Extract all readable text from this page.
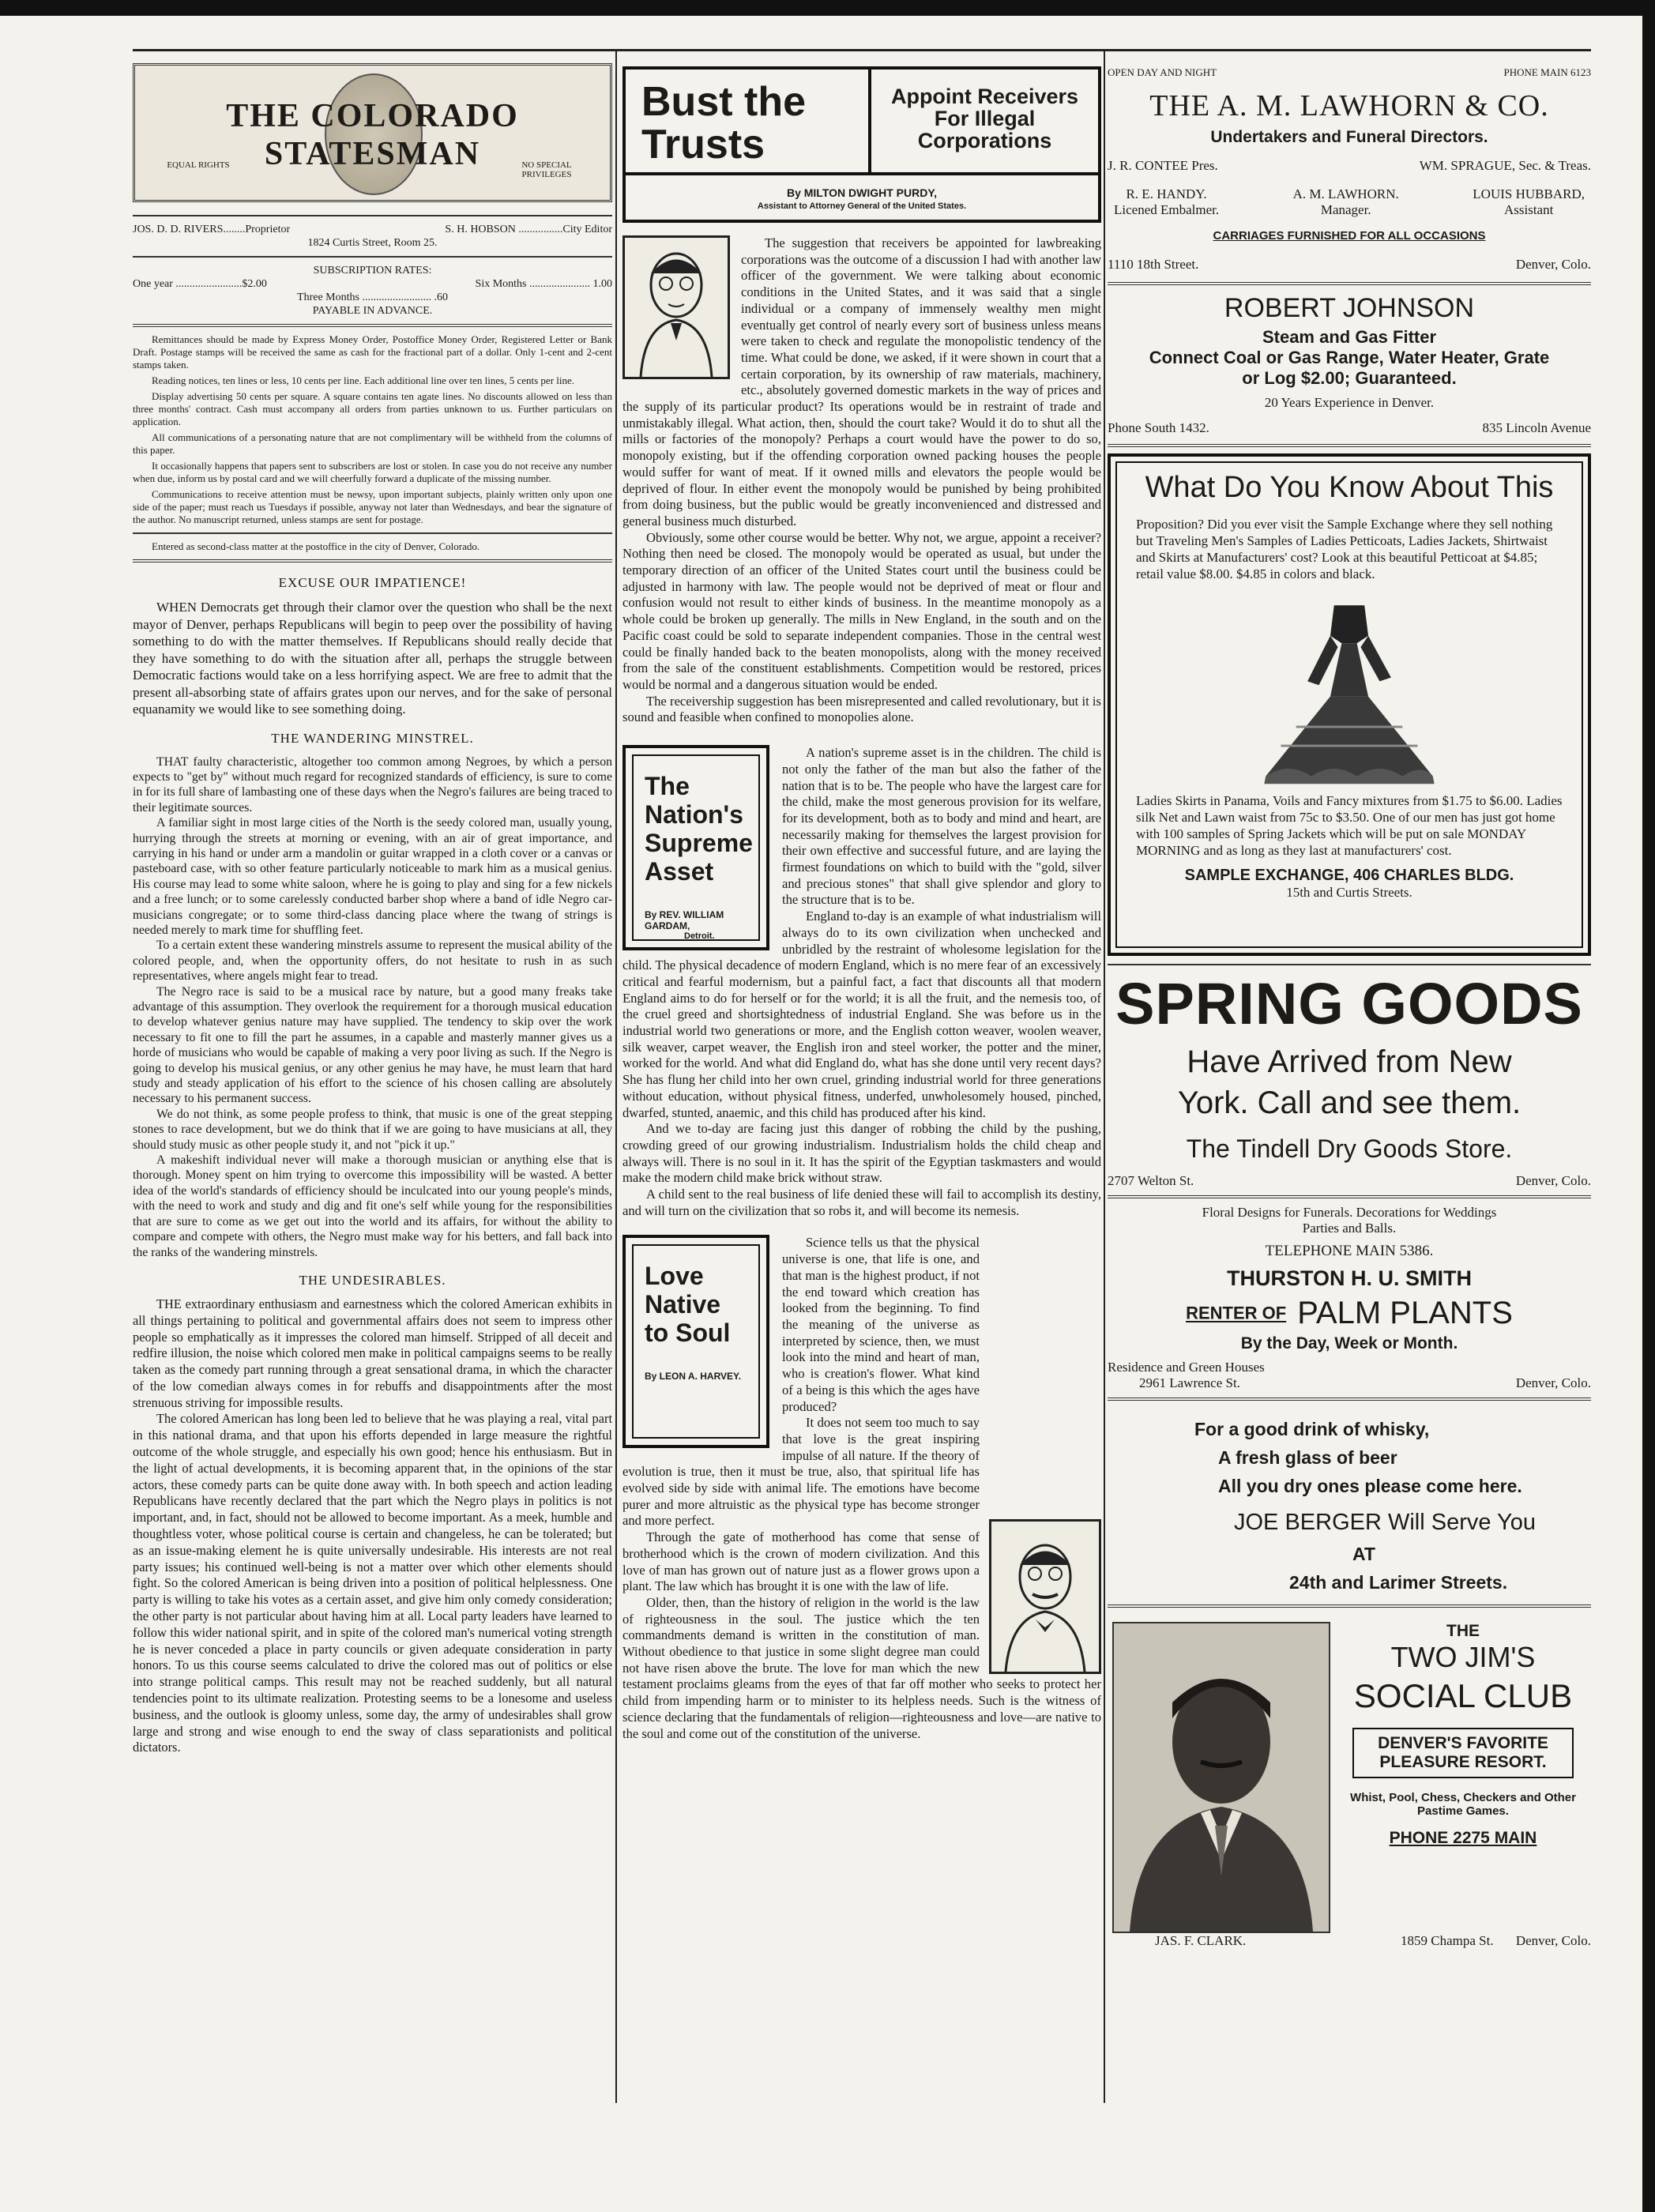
THE COLORADO STATESMAN
EQUAL RIGHTS	NO SPECIAL PRIVILEGES
JOS. D. D. RIVERS........Proprietor	S. H. HOBSON ................City Editor
1824 Curtis Street, Room 25.
SUBSCRIPTION RATES:
One year ........................$2.00	Six Months ...................... 1.00
Three Months ......................... .60
PAYABLE IN ADVANCE.

Remittances should be made by Express Money Order, Postoffice Money Order, Registered Letter or Bank Draft. Postage stamps will be received the same as cash for the fractional part of a dollar. Only 1-cent and 2-cent stamps taken.

Reading notices, ten lines or less, 10 cents per line. Each additional line over ten lines, 5 cents per line.

Display advertising 50 cents per square. A square contains ten agate lines. No discounts allowed on less than three months' contract. Cash must accompany all orders from parties unknown to us. Further particulars on application.

All communications of a personating nature that are not complimentary will be withheld from the columns of this paper.

It occasionally happens that papers sent to subscribers are lost or stolen. In case you do not receive any number when due, inform us by postal card and we will cheerfully forward a duplicate of the missing number.

Communications to receive attention must be newsy, upon important subjects, plainly written only upon one side of the paper; must reach us Tuesdays if possible, anyway not later than Wednesdays, and bear the signature of the author. No manuscript returned, unless stamps are sent for postage.

Entered as second-class matter at the postoffice in the city of Denver, Colorado.
EXCUSE OUR IMPATIENCE!

WHEN Democrats get through their clamor over the question who shall be the next mayor of Denver, perhaps Republicans will begin to peep over the possibility of having something to do with the matter themselves. If Republicans should really decide that they have something to do with the situation after all, perhaps the struggle between Democratic factions would take on a less horrifying aspect. We are free to admit that the present all-absorbing state of affairs grates upon our nerves, and for the sake of personal equanamity we would like to see something doing.

THE WANDERING MINSTREL.

THAT faulty characteristic, altogether too common among Negroes, by which a person expects to "get by" without much regard for recognized standards of efficiency, is sure to come in for its full share of lambasting one of these days when the Negro's failures are being traced to their legitimate sources.

A familiar sight in most large cities of the North is the seedy colored man, usually young, hurrying through the streets at morning or evening, with an air of great importance, and carrying in his hand or under arm a mandolin or guitar wrapped in a cloth cover or a canvas or pasteboard case, with so other feature particularly noticeable to mark him as a musical genius. His course may lead to some white saloon, where he is going to play and sing for a few nickels and a free lunch; or to some carelessly conducted barber shop where a band of idle Negro car-musicians congregate; or to some third-class dancing place where the twang of strings is needed merely to mark time for shuffling feet.

To a certain extent these wandering minstrels assume to represent the musical ability of the colored people, and, when the opportunity offers, do not hesitate to rush in as such representatives, where angels might fear to tread.

The Negro race is said to be a musical race by nature, but a good many freaks take advantage of this assumption. They overlook the requirement for a thorough musical education to develop whatever genius nature may have supplied. The tendency to skip over the work necessary to fit one to fill the part he assumes, in a capable and masterly manner gives us a horde of musicians who would be capable of making a very poor living as such. If the Negro is going to develop his musical genius, or any other genius he may have, he must learn that hard study and steady application of his effort to the science of his chosen calling are absolutely necessary to his permanent success.

We do not think, as some people profess to think, that music is one of the great stepping stones to race development, but we do think that if we are going to have musicians at all, they should study music as other people study it, and not "pick it up."

A makeshift individual never will make a thorough musician or anything else that is thorough. Money spent on him trying to overcome this impossibility will be wasted. A better idea of the world's standards of efficiency should be inculcated into our young people's minds, with the need to work and study and dig and fit one's self while young for the responsibilities that are sure to come as we get out into the world and its affairs, for without the ability to compare and compete with others, the Negro must make way for his betters, and fall back into the ranks of the wandering minstrels.

THE UNDESIRABLES.

THE extraordinary enthusiasm and earnestness which the colored American exhibits in all things pertaining to political and governmental affairs does not seem to impress other people so emphatically as it impresses the colored man himself. Stripped of all deceit and redfire illusion, the noise which colored men make in political campaigns seems to be really taken as the comedy part running through a great sensational drama, in which the character of the low comedian always comes in for rebuffs and disappointments after the most strenuous striving for impossible results.

The colored American has long been led to believe that he was playing a real, vital part in this national drama, and that upon his efforts depended in large measure the rightful outcome of the whole struggle, and especially his own good; hence his enthusiasm. But in the light of actual developments, it is becoming apparent that, in the opinions of the star actors, these comedy parts can be quite done away with. In both speech and action leading Republicans have recently declared that the part which the Negro plays in politics is not important, and, in fact, should not be allowed to become important. As a meek, humble and thoughtless voter, whose political course is certain and changeless, he can be tolerated; but as an issue-making element he is quite universally undesirable. His interests are not real party issues; his continued well-being is not a matter over which other elements should fight. So the colored American is being driven into a position of political helplessness. One party is willing to take his votes as a certain asset, and give him only comedy consideration; the other party is not particular about having him at all. Local party leaders have learned to follow this wider national spirit, and in spite of the colored man's numerical voting strength he is never conceded a place in party councils or given adequate consideration in party honors. To us this course seems calculated to drive the colored mas out of politics or else into strange political camps. This result may not be reached suddenly, but all natural tendencies point to its ultimate realization. Protesting seems to be a lonesome and useless business, and the outlook is gloomy unless, some day, the army of undesirables shall grow large and strong and wise enough to end the sway of class separationists and political dictators.

Bust the Trusts
Appoint Receivers For Illegal Corporations
By MILTON DWIGHT PURDY,
Assistant to Attorney General of the United States.

The suggestion that receivers be appointed for lawbreaking corporations was the outcome of a discussion I had with another law officer of the government. We were talking about economic conditions in the United States, and it was said that a single individual or a company of immensely wealthy men might eventually get control of nearly every sort of business unless means were taken to check and regulate the monopolistic tendency of the time. What could be done, we asked, if it were shown in court that a certain corporation, by its ownership of raw materials, machinery, etc., absolutely governed domestic markets in the way of prices and the supply of its particular product? Its operations would be in restraint of trade and unmistakably illegal. What action, then, should the court take? Would it do to shut all the mills or factories of the monopoly? Perhaps a court would have the power to do so, monopoly existing, but if the offending corporation owned packing houses the people would suffer for want of meat. If it owned mills and elevators the people would be deprived of flour. In either event the monopoly would be punished by being prohibited from doing business, but the public would be greatly inconvenienced and distressed and general business much disturbed.

Obviously, some other course would be better. Why not, we argue, appoint a receiver? Nothing then need be closed. The monopoly would be operated as usual, but under the temporary direction of an officer of the United States court until the business could be adjusted in harmony with law. The people would not be deprived of meat or flour and confusion would not result to either kinds of business. In the meantime monopoly as a whole could be broken up generally. The mills in New England, in the south and on the Pacific coast could be sold to separate independent companies. Those in the central west could be finally handed back to the beaten monopolists, along with the money received from the sale of the constituent establishments. Competition would be restored, prices would be normal and a dangerous situation would be ended.

The receivership suggestion has been misrepresented and called revolutionary, but it is sound and feasible when confined to monopolies alone.

The Nation's Supreme Asset
By REV. WILLIAM GARDAM,
Detroit.

A nation's supreme asset is in the children. The child is not only the father of the man but also the father of the nation that is to be. The people who have the largest care for the child, make the most generous provision for its welfare, for its development, both as to body and mind and heart, are necessarily making for themselves the largest provision for their own effective and successful future, and are laying the firmest foundations on which to build with the "gold, silver and precious stones" that shall give splendor and glory to the structure that is to be.

England to-day is an example of what industrialism will always do to its own civilization when unchecked and unbridled by the restraint of wholesome legislation for the child. The physical decadence of modern England, which is no mere fear of an excessively critical and fearful modernism, but a painful fact, a fact that discounts all that modern England aims to do for herself or for the world; it is all the fruit, and the nemesis too, of the cruel greed and shortsightedness of industrial England. She was before us in the industrial world two generations or more, and the English cotton weaver, woolen weaver, silk weaver, carpet weaver, the English iron and steel worker, the potter and the miner, worked for the world. And what did England do, what has she done until very recent days? She has flung her child into her own cruel, grinding industrial world for three generations without education, without physical fitness, underfed, unwholesomely housed, pinched, dwarfed, stunted, anaemic, and this child has produced after his kind.

And we to-day are facing just this danger of robbing the child by the pushing, crowding greed of our growing industrialism. Industrialism holds the child cheap and always will. There is no soul in it. It has the spirit of the Egyptian taskmasters and would make the modern child make brick without straw.

A child sent to the real business of life denied these will fail to accomplish its destiny, and will turn on the civilization that so robs it, and will become its nemesis.

Love Native to Soul
By LEON A. HARVEY.

Science tells us that the physical universe is one, that life is one, and that man is the highest product, if not the end toward which creation has looked from the beginning. To find the meaning of the universe as interpreted by science, then, we must look into the mind and heart of man, who is creation's flower. What kind of a being is this which the ages have produced?

It does not seem too much to say that love is the great inspiring impulse of all nature. If the theory of evolution is true, then it must be true, also, that spiritual life has evolved side by side with animal life. The emotions have become purer and more altruistic as the physical type has become stronger and more perfect.

Through the gate of motherhood has come that sense of brotherhood which is the crown of modern civilization. And this love of man has grown out of nature just as a flower grows upon a plant. The law which has brought it is one with the law of life.

Older, then, than the history of religion in the world is the law of righteousness in the soul. The justice which the ten commandments demand is written in the constitution of man. Without obedience to that justice in some slight degree man could not have risen above the brute. The love for man which the new testament proclaims gleams from the eyes of that far off mother who seeks to protect her child from impending harm or to minister to its helpless needs. Such is the witness of science declaring that the fundamentals of religion—righteousness and love—are native to the soul and come out of the constitution of the universe.

OPEN DAY AND NIGHT	PHONE MAIN 6123
THE A. M. LAWHORN & CO.
Undertakers and Funeral Directors.
J. R. CONTEE Pres.	WM. SPRAGUE, Sec. & Treas.
R. E. HANDY.
Licened Embalmer.
A. M. LAWHORN.
Manager.
LOUIS HUBBARD,
Assistant
CARRIAGES FURNISHED FOR ALL OCCASIONS
1110 18th Street.	Denver, Colo.
ROBERT JOHNSON
Steam and Gas Fitter
Connect Coal or Gas Range, Water Heater, Grate
or Log $2.00; Guaranteed.
20 Years Experience in Denver.
Phone South 1432.	835 Lincoln Avenue
What Do You Know About This
Proposition? Did you ever visit the Sample Exchange where they sell nothing but Traveling Men's Samples of Ladies Petticoats, Ladies Jackets, Shirtwaist and Skirts at Manufacturers' cost? Look at this beautiful Petticoat at $4.85; retail value $8.00. $4.85 in colors and black.
Ladies Skirts in Panama, Voils and Fancy mixtures from $1.75 to $6.00. Ladies silk Net and Lawn waist from 75c to $3.50. One of our men has just got home with 100 samples of Spring Jackets which will be put on sale MONDAY MORNING and as long as they last at manufacturers' cost.
SAMPLE EXCHANGE, 406 CHARLES BLDG.
15th and Curtis Streets.
SPRING GOODS
Have Arrived from New
York. Call and see them.
The Tindell Dry Goods Store.
2707 Welton St.	Denver, Colo.
Floral Designs for Funerals. Decorations for Weddings
Parties and Balls.
TELEPHONE MAIN 5386.
THURSTON H. U. SMITH
RENTER OF PALM PLANTS
By the Day, Week or Month.
Residence and Green Houses
2961 Lawrence St.	Denver, Colo.
For a good drink of whisky,
A fresh glass of beer
All you dry ones please come here.
JOE BERGER Will Serve You
AT
24th and Larimer Streets.
THE
TWO JIM'S
SOCIAL CLUB
DENVER'S FAVORITE
PLEASURE RESORT.
Whist, Pool, Chess, Checkers and Other Pastime Games.
PHONE 2275 MAIN
JAS. F. CLARK.	1859 Champa St. Denver, Colo.
